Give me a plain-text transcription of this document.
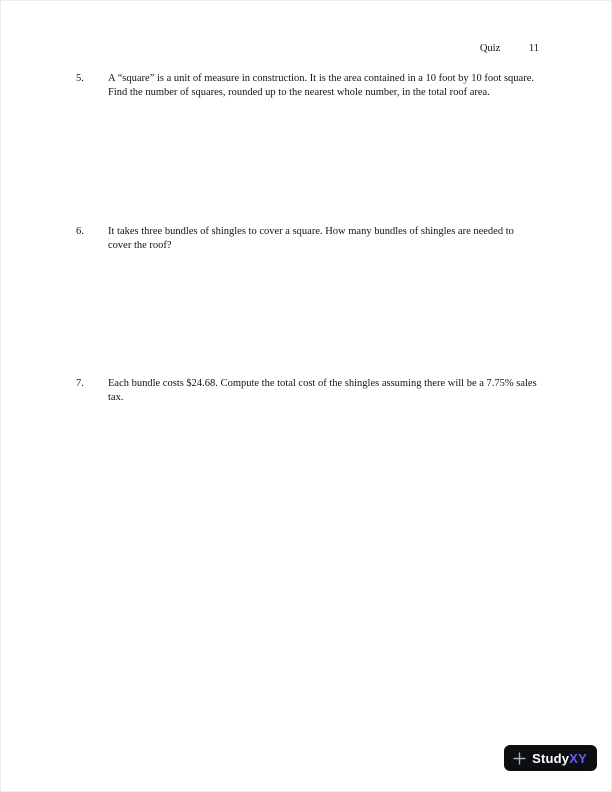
Quiz	11
5.	A “square” is a unit of measure in construction. It is the area contained in a 10 foot by 10 foot square. Find the number of squares, rounded up to the nearest whole number, in the total roof area.
6.	It takes three bundles of shingles to cover a square. How many bundles of shingles are needed to cover the roof?
7.	Each bundle costs $24.68. Compute the total cost of the shingles assuming there will be a 7.75% sales tax.
StudyXY
